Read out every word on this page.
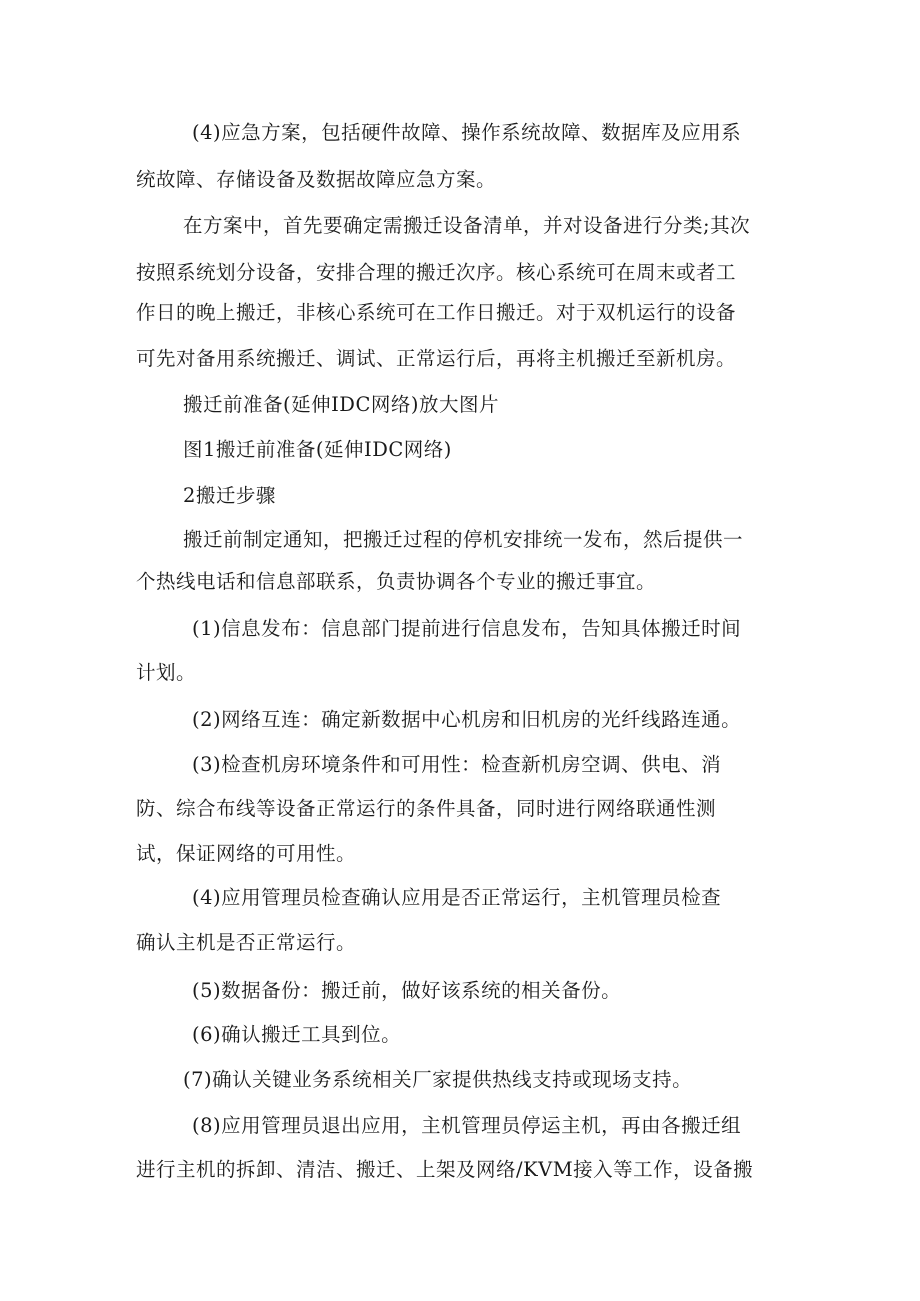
(4)应急方案，包括硬件故障、操作系统故障、数据库及应用系

统故障、存储设备及数据故障应急方案。

在方案中，首先要确定需搬迁设备清单，并对设备进行分类;其次

按照系统划分设备，安排合理的搬迁次序。核心系统可在周末或者工

作日的晚上搬迁，非核心系统可在工作日搬迁。对于双机运行的设备

可先对备用系统搬迁、调试、正常运行后，再将主机搬迁至新机房。

搬迁前准备(延伸IDC网络)放大图片

图1搬迁前准备(延伸IDC网络)

2搬迁步骤

搬迁前制定通知，把搬迁过程的停机安排统一发布，然后提供一

个热线电话和信息部联系，负责协调各个专业的搬迁事宜。

(1)信息发布：信息部门提前进行信息发布，告知具体搬迁时间

计划。

(2)网络互连：确定新数据中心机房和旧机房的光纤线路连通。

(3)检查机房环境条件和可用性：检查新机房空调、供电、消

防、综合布线等设备正常运行的条件具备，同时进行网络联通性测

试，保证网络的可用性。

(4)应用管理员检查确认应用是否正常运行，主机管理员检查

确认主机是否正常运行。

(5)数据备份：搬迁前，做好该系统的相关备份。

(6)确认搬迁工具到位。

(7)确认关键业务系统相关厂家提供热线支持或现场支持。

(8)应用管理员退出应用，主机管理员停运主机，再由各搬迁组

进行主机的拆卸、清洁、搬迁、上架及网络/KVM接入等工作，设备搬
